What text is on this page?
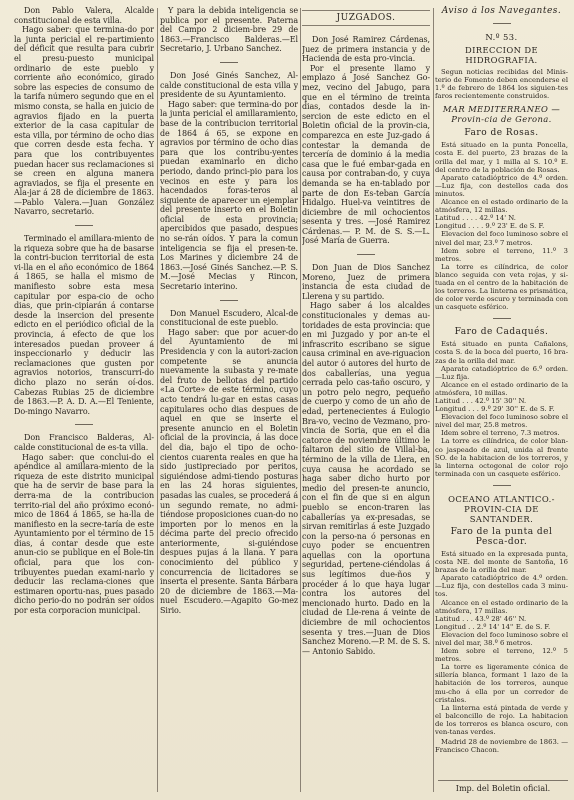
Don Pablo Valera, Alcalde constitucional de esta villa.

Hago saber: que termina-do por la junta pericial el re-partimiento del déficit que resulta para cubrir el presu-puesto municipal ordinario de este pueblo y corriente año económico, girado sobre las especies de consumo de la tarifa número segundo que en el mismo consta, se halla en juicio de agravios fijado en la puerta exterior de la casa capitular de esta villa, por término de ocho dias que corren desde esta fecha. Y para que los contribuyentes puedan hacer sus reclamaciones si se creen en alguna manera agraviados, se fija el presente en Ala-jar á 28 de diciembre de 1863.—Pablo Valera.—Juan González Navarro, secretario.

Terminado el amillara-miento de la riqueza sobre que ha de basarse la contri-bucion territorial de esta vi-lla en el año económico de 1864 á 1865, se halla el mismo de manifiesto sobre esta mesa capitular por espa-cio de ocho dias, que prin-cipiarán á contarse desde la insercion del presente edicto en el periódico oficial de la provincia, á efecto de que los interesados puedan proveer á inspeccionarlo y deducir las reclamaciones que gusten por agravios notorios, transcurri-do dicho plazo no serán oí-dos. Cabezas Rubias 25 de diciembre de 1863.—P. A. D. A.—El Teniente, Do-mingo Navarro.

Don Francisco Balderas, Al-calde constitucional de es-ta villa.

Hago saber: que conclui-do el apéndice al amillara-miento de la riqueza de este distrito municipal que ha de servir de base para la derra-ma de la contribucion territo-rial del año próximo econó-mico de 1864 á 1865, se ha-lla de manifiesto en la secre-taría de este Ayuntamiento por el término de 15 dias, á contar desde que este anun-cio se publique en el Bole-tin oficial, para que los con-tribuyentes puedan exami-narlo y deducir las reclama-ciones que estimaren oportu-nas, pues pasado dicho perio-do no podrán ser oídos por esta corporacion municipal.

Y para la debida inteligencia se publica por el presente. Paterna del Campo 2 diciem-bre 29 de 1863.—Francisco Balderas.—El Secretario, J. Urbano Sanchez.

Don José Ginés Sanchez, Al-calde constitucional de esta villa y presidente de su Ayuntamiento.

Hago saber: que termina-do por la junta pericial el amillaramiento, base de la contribucion territorial de 1864 á 65, se expone en agravios por término de ocho dias para que los contribu-yentes puedan examinarlo en dicho periodo, dando princi-pio para los vecinos en este y para los hacendados foras-teros al siguiente de aparecer un ejemplar del presente inserto en el Boletin oficial de esta provincia; apercibidos que pasado, despues no se-rán oídos. Y para la comun inteligencia se fija el presen-te. Los Marines y diciembre 24 de 1863.—José Ginés Sanchez.—P. S. M.—José Mecias y Rincon, Secretario interino.

Don Manuel Escudero, Alcal-de constitucional de este pueblo.

Hago saber: que por acuer-do del Ayuntamiento de mi Presidencia y con la autori-zacion competente se anuncia nuevamente la subasta y re-mate del fruto de bellotas del partido «La Corte» de este término, cuyo acto tendrá lu-gar en estas casas capitulares ocho dias despues de aquel en que se inserte el presente anuncio en el Boletin oficial de la provincia, á las doce del dia, bajo el tipo de ocho-cientos cuarenta reales en que ha sido justipreciado por peritos, siguiéndose admi-tiendo posturas en las 24 horas siguientes, pasadas las cuales, se procederá á un segundo remate, no admi-tiéndose proposiciones cuan-do no importen por lo menos en la décima parte del precio ofrecido anteriormente, si-guiéndose despues pujas á la llana. Y para conocimiento del público y concurrencia de licitadores se inserta el presente. Santa Bárbara 20 de diciembre de 1863.—Ma-nuel Escudero.—Agapito Go-mez Sirio.

JUZGADOS.

Don José Ramirez Cárdenas, Juez de primera instancia y de Hacienda de esta pro-vincia.

Por el presente llamo y emplazo á José Sanchez Go-mez, vecino del Jabugo, para que en el término de treinta dias, contados desde la in-sercion de este edicto en el Boletin oficial de la provin-cia, comparezca en este Juz-gado á contestar la demanda de tercería de dominio á la media casa que le fué embar-gada en causa por contraban-do, y cuya demanda se ha en-tablado por parte de don Es-teban García Hidalgo. Huel-va veintitres de diciembre de mil ochocientos sesenta y tres. —José Ramirez Cárdenas.— P. M. de S. S.—L. José María de Guerra.

Don Juan de Dios Sanchez Moreno, Juez de primera instancia de esta ciudad de Llerena y su partido.

Hago saber á los alcaldes constitucionales y demas au-toridades de esta provincia: que en mi Juzgado y por an-te el infrascrito escribano se sigue causa criminal en ave-riguacion del autor ó autores del hurto de dos caballerías, una yegua cerrada pelo cas-taño oscuro, y un potro pelo negro, pequeño de cuerpo y como de un año de edad, pertenecientes á Eulogio Bra-vo, vecino de Vezmano, pro-vincia de Soria, que en el dia catorce de noviembre último le faltaron del sitio de Villal-ba, término de la villa de Llera, en cuya causa he acordado se haga saber dicho hurto por medio del presen-te anuncio, con el fin de que si en algun pueblo se encon-traren las caballerías ya ex-presadas, se sirvan remitirlas á este Juzgado con la perso-na ó personas en cuyo poder se encuentren aquellas con la oportuna seguridad, pertene-ciéndolas á sus legítimos due-ños y procéder á lo que haya lugar contra los autores del mencionado hurto. Dado en la ciudad de Lle-rena á veinte de diciembre de mil ochocientos sesenta y tres.—Juan de Dios Sanchez Moreno.—P. M. de S. S.— Antonio Sabido.

Aviso á los Navegantes.
N.º 53.
DIRECCION DE HIDROGRAFIA.

Segun noticias recibidas del Minis-terio de Fomento deben encenderse el 1.º de febrero de 1864 los siguien-tes faros recientemente construidos.

MAR MEDITERRANEO — Provin-cia de Gerona.
Faro de Rosas.

Está situado en la punta Poncella, costa E. del puerto, 23 brazas de la orilla del mar, y 1 milla al S. 10.º E. del centro de la población de Rosas.

Aparato catadióptrico de 4.º orden.—Luz fija, con destellos cada dos minutos.

Alcance en el estado ordinario de la atmósfera, 12 millas.

Latitud . . . . 42.º 14' N.

Longitud . . . . 9.º 23' E. de S. F.

Elevacion del foco luminoso sobre el nivel del mar, 23.º 7 metros.

Idem sobre el terreno, 11.º 3 metros.

La torre es cilíndrica, de color blanco seguida con veta rojas, y si-tuada en el centro de la habitación de los torreros. La linterna es prismática, de color verde oscuro y terminada con un casquete esférico.

Faro de Cadaqués.

Está situado en punta Cañalons, costa S. de la boca del puerto, 16 bra-zas de la orilla del mar.

Aparato catadióptrico de 6.º orden. —Luz fija.

Alcance en el estado ordinario de la atmósfera, 10 millas.

Latitud . . . 42.º 15' 30'' N.

Longitud . . . 9.º 29' 30'' E. de S. F.

Elevacion del foco luminoso sobre el nivel del mar, 25.8 metros.

Idem sobre el terreno, 7.3 metros.

La torre es cilíndrica, de color blan-co jaspeado de azul, unida al frente SO. de la habitacion de los torreros, y la linterna octogonal de color rojo terminada con un casquete esférico.

OCEANO ATLANTICO.-PROVIN-CIA DE SANTANDER.
Faro de la punta del Pesca-dor.

Está situado en la expresada punta, costa NE. del monte de Santoña, 16 brazas de la orilla del mar.

Aparato catadióptrico de 4.º orden. —Luz fija, con destellos cada 3 minu-tos.

Alcance en el estado ordinario de la atmósfera, 17 millas.

Latitud . . . 43.º 28' 46'' N.

Longitud . . 2.º 14' 14'' E. de S. F.

Elevacion del foco luminoso sobre el nivel del mar, 38.º 6 metros.

Idem sobre el terreno, 12.º 5 metros.

La torre es ligeramente cónica de sillería blanca, formant 1 lazo de la habitación de los torreros, aunque mu-cho á ella por un corredor de cristales.

La linterna está pintada de verde y el balconcillo de rojo. La habitacion de los torreros es blanca oscuro, con ven-tanas verdes.

Madrid 28 de noviembre de 1863. —Francisco Chacon.

Imp. del Boletin oficial.
